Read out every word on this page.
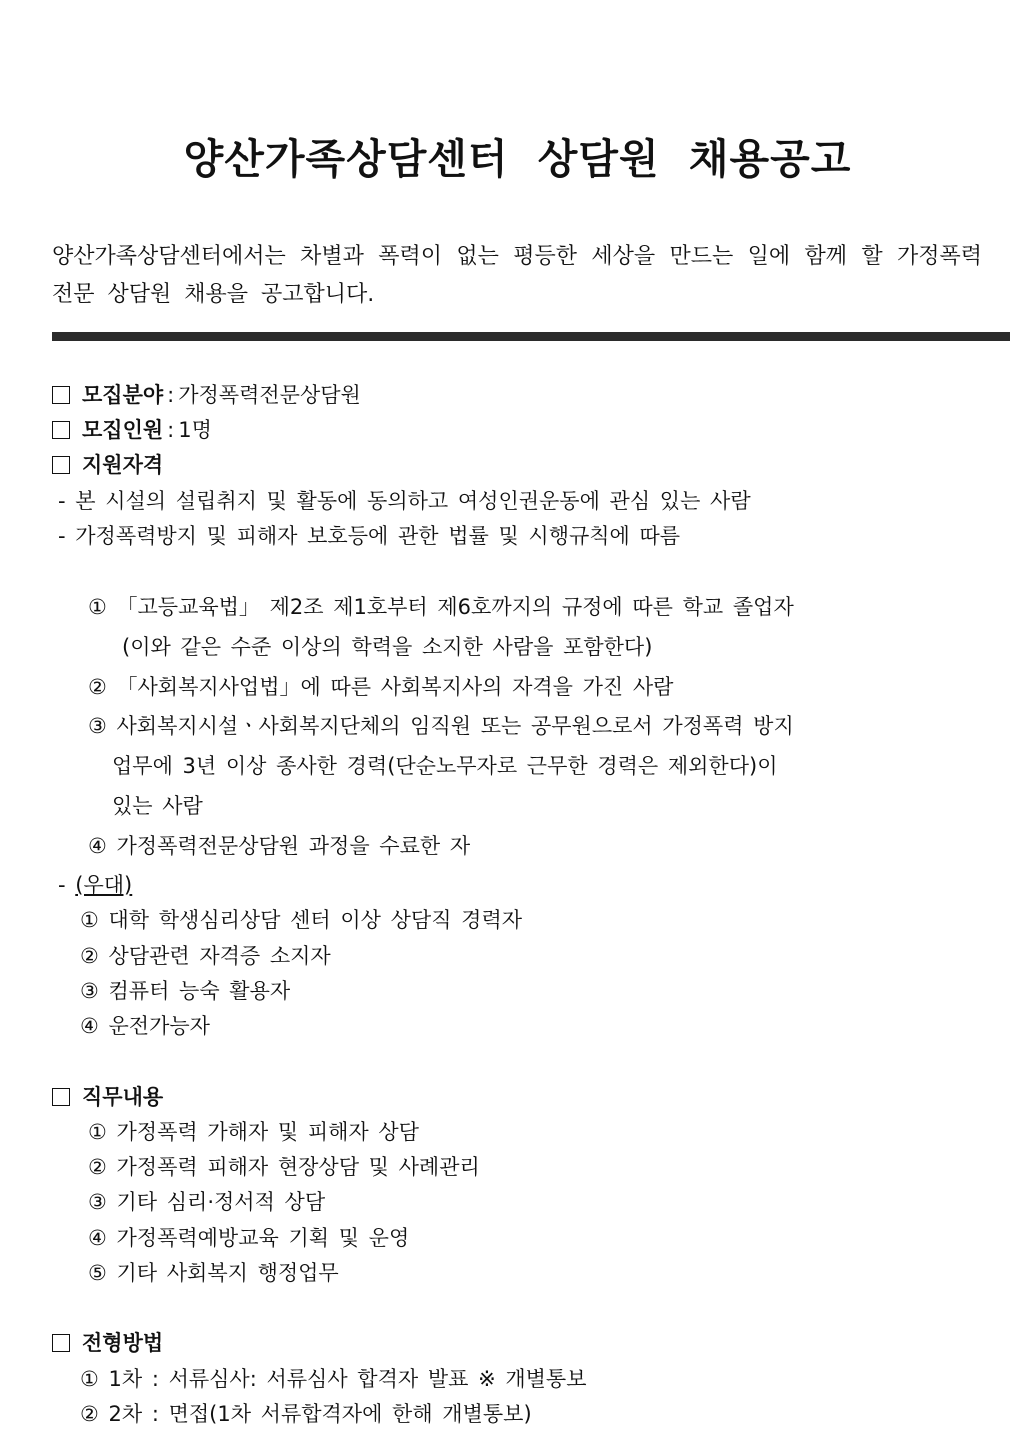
양산가족상담센터 상담원 채용공고
양산가족상담센터에서는 차별과 폭력이 없는 평등한 세상을 만드는 일에 함께 할 가정폭력전문 상담원 채용을 공고합니다.
모집분야 : 가정폭력전문상담원
모집인원 : 1명
지원자격
- 본 시설의 설립취지 및 활동에 동의하고 여성인권운동에 관심 있는 사람
- 가정폭력방지 및 피해자 보호등에 관한 법률 및 시행규칙에 따름
① 「고등교육법」 제2조 제1호부터 제6호까지의 규정에 따른 학교 졸업자
(이와 같은 수준 이상의 학력을 소지한 사람을 포함한다)
② 「사회복지사업법」에 따른 사회복지사의 자격을 가진 사람
③ 사회복지시설ㆍ사회복지단체의 임직원 또는 공무원으로서 가정폭력 방지
업무에 3년 이상 종사한 경력(단순노무자로 근무한 경력은 제외한다)이
있는 사람
④ 가정폭력전문상담원 과정을 수료한 자
- (우대)
① 대학 학생심리상담 센터 이상 상담직 경력자
② 상담관련 자격증 소지자
③ 컴퓨터 능숙 활용자
④ 운전가능자
직무내용
① 가정폭력 가해자 및 피해자 상담
② 가정폭력 피해자 현장상담 및 사례관리
③ 기타 심리·정서적 상담
④ 가정폭력예방교육 기획 및 운영
⑤ 기타 사회복지 행정업무
전형방법
① 1차 : 서류심사: 서류심사 합격자 발표 ※ 개별통보
② 2차 : 면접(1차 서류합격자에 한해 개별통보)
